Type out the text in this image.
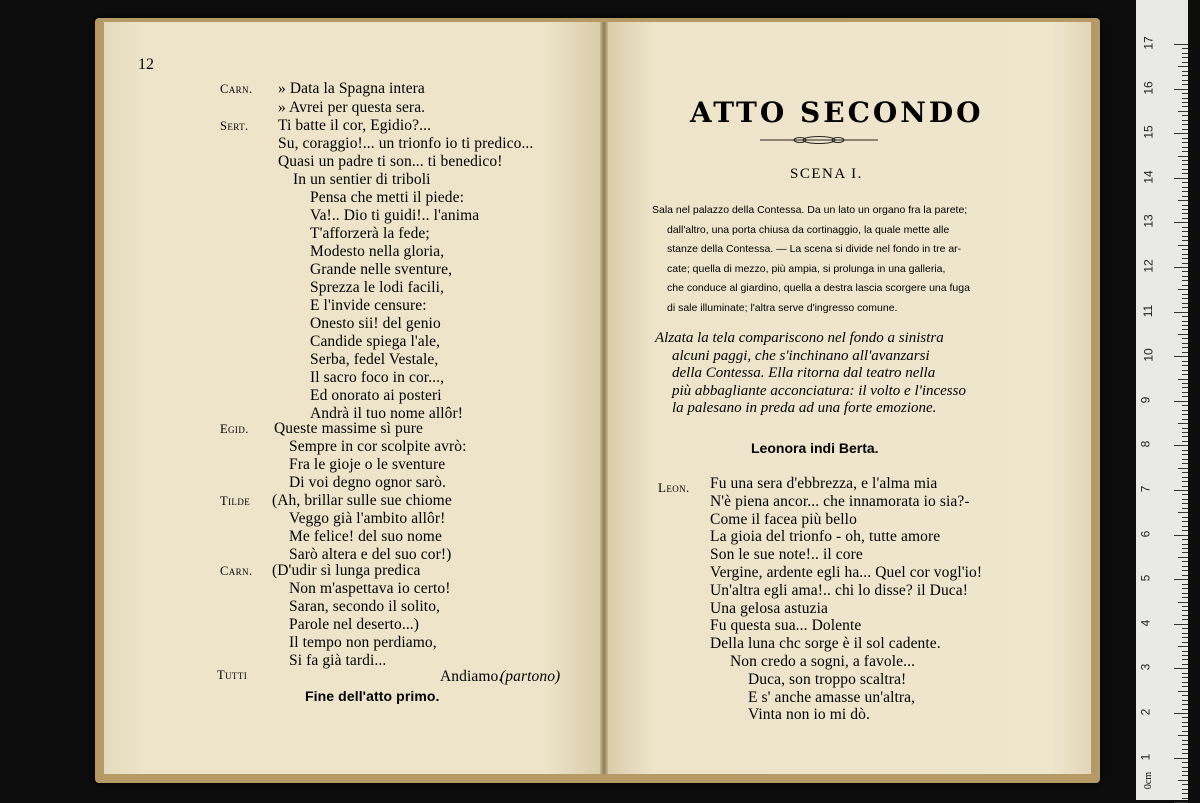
12
Carn. » Data la Spagna intera
» Avrei per questa sera.
Sert. Ti batte il cor, Egidio?...
Su, coraggio!... un trionfo io ti predico...
Quasi un padre ti son... ti benedico!
In un sentier di triboli
Pensa che metti il piede:
Va!.. Dio ti guidi!.. l'anima
T'afforzerà la fede;
Modesto nella gloria,
Grande nelle sventure,
Sprezza le lodi facili,
E l'invide censure:
Onesto sii! del genio
Candide spiega l'ale,
Serba, fedel Vestale,
Il sacro foco in cor...,
Ed onorato ai posteri
Andrà il tuo nome allôr!
Egid. Queste massime sì pure
Sempre in cor scolpite avrò:
Fra le gioje o le sventure
Di voi degno ognor sarò.
Tilde (Ah, brillar sulle sue chiome
Veggo già l'ambito allôr!
Me felice! del suo nome
Sarò altera e del suo cor!)
Carn. (D'udir sì lunga predica
Non m'aspettava io certo!
Saran, secondo il solito,
Parole nel deserto...)
Il tempo non perdiamo,
Si fa già tardi...
Tutti	Andiamo.
(partono)
Fine dell'atto primo.
ATTO SECONDO
SCENA I.
Sala nel palazzo della Contessa. Da un lato un organo fra la parete;
dall'altro, una porta chiusa da cortinaggio, la quale mette alle
stanze della Contessa. — La scena si divide nel fondo in tre ar-
cate; quella di mezzo, più ampia, si prolunga in una galleria,
che conduce al giardino, quella a destra lascia scorgere una fuga
di sale illuminate; l'altra serve d'ingresso comune.
Alzata la tela compariscono nel fondo a sinistra
alcuni paggi, che s'inchinano all'avanzarsi
della Contessa. Ella ritorna dal teatro nella
più abbagliante acconciatura: il volto e l'incesso
la palesano in preda ad una forte emozione.
Leonora indi Berta.
Leon. Fu una sera d'ebbrezza, e l'alma mia
N'è piena ancor... che innamorata io sia?-
Come il facea più bello
La gioia del trionfo - oh, tutte amore
Son le sue note!.. il core
Vergine, ardente egli ha... Quel cor vogl'io!
Un'altra egli ama!.. chi lo disse? il Duca!
Una gelosa astuzia
Fu questa sua... Dolente
Della luna chc sorge è il sol cadente.
Non credo a sogni, a favole...
Duca, son troppo scaltra!
E s' anche amasse un'altra,
Vinta non io mi dò.
17
16
15
14
13
12
11
10
9
8
7
6
5
4
3
2
1
0cm
